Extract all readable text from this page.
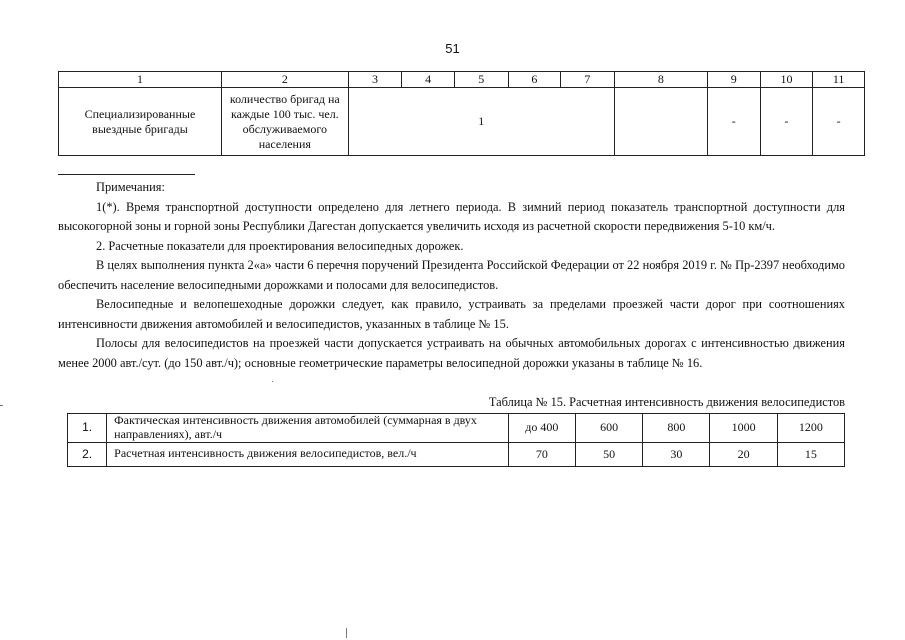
51
1	2	3	4	5	6	7	8	9	10	11
Специализированные выездные бригады	количество бригад на каждые 100 тыс. чел. обслуживаемого населения	1						-	-	-

Примечания:

1(*). Время транспортной доступности определено для летнего периода. В зимний период показатель транспортной доступности для высокогорной зоны и горной зоны Республики Дагестан допускается увеличить исходя из расчетной скорости передвижения 5-10 км/ч.

2. Расчетные показатели для проектирования велосипедных дорожек.

В целях выполнения пункта 2«а» части 6 перечня поручений Президента Российской Федерации от 22 ноября 2019 г. № Пр-2397 необходимо обеспечить население велосипедными дорожками и полосами для велосипедистов.

Велосипедные и велопешеходные дорожки следует, как правило, устраивать за пределами проезжей части дорог при соотношениях интенсивности движения автомобилей и велосипедистов, указанных в таблице № 15.

Полосы для велосипедистов на проезжей части допускается устраивать на обычных автомобильных дорогах с интенсивностью движения менее 2000 авт./сут. (до 150 авт./ч); основные геометрические параметры велосипедной дорожки указаны в таблице № 16.

Таблица № 15. Расчетная интенсивность движения велосипедистов
1.	Фактическая интенсивность движения автомобилей (суммарная в двух направлениях), авт./ч	до 400	600	800	1000	1200
2.	Расчетная интенсивность движения велосипедистов, вел./ч	70	50	30	20	15
